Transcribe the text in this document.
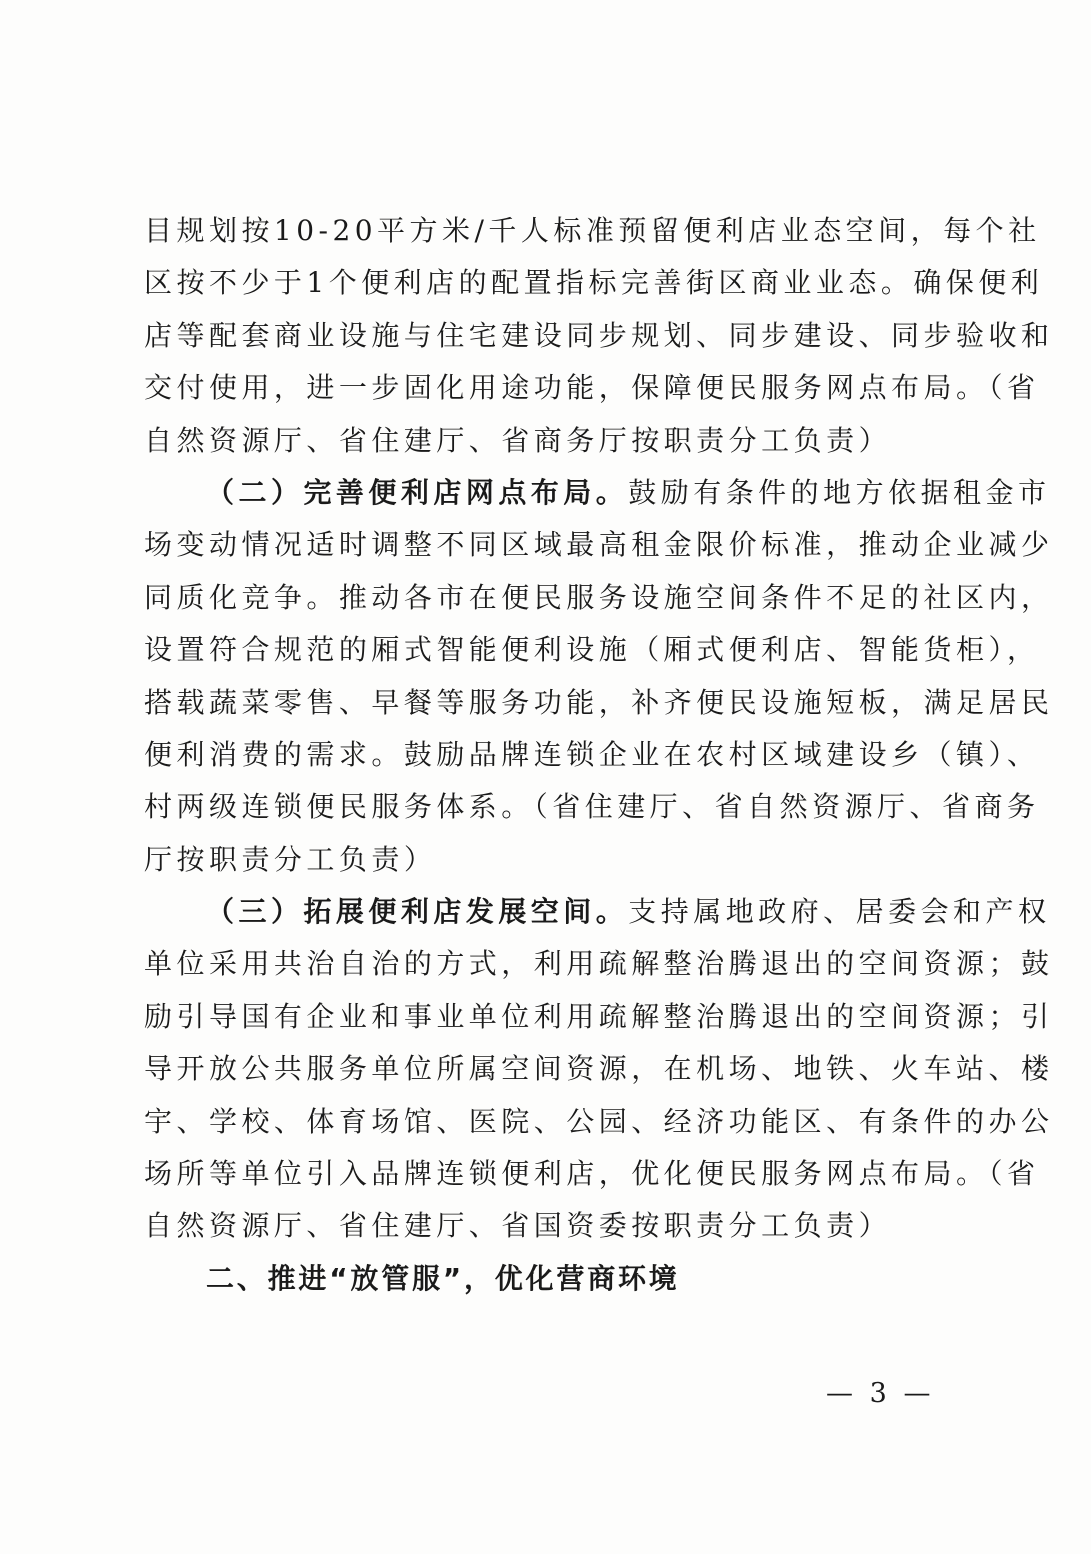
目规划按10-20平方米/千人标准预留便利店业态空间，每个社
区按不少于1个便利店的配置指标完善街区商业业态。确保便利
店等配套商业设施与住宅建设同步规划、同步建设、同步验收和
交付使用，进一步固化用途功能，保障便民服务网点布局。（省
自然资源厅、省住建厅、省商务厅按职责分工负责）
（二）完善便利店网点布局。鼓励有条件的地方依据租金市
场变动情况适时调整不同区域最高租金限价标准，推动企业减少
同质化竞争。推动各市在便民服务设施空间条件不足的社区内，
设置符合规范的厢式智能便利设施（厢式便利店、智能货柜），
搭载蔬菜零售、早餐等服务功能，补齐便民设施短板，满足居民
便利消费的需求。鼓励品牌连锁企业在农村区域建设乡（镇）、
村两级连锁便民服务体系。（省住建厅、省自然资源厅、省商务
厅按职责分工负责）
（三）拓展便利店发展空间。支持属地政府、居委会和产权
单位采用共治自治的方式，利用疏解整治腾退出的空间资源；鼓
励引导国有企业和事业单位利用疏解整治腾退出的空间资源；引
导开放公共服务单位所属空间资源，在机场、地铁、火车站、楼
宇、学校、体育场馆、医院、公园、经济功能区、有条件的办公
场所等单位引入品牌连锁便利店，优化便民服务网点布局。（省
自然资源厅、省住建厅、省国资委按职责分工负责）
二、推进“放管服”，优化营商环境
— 3 —
